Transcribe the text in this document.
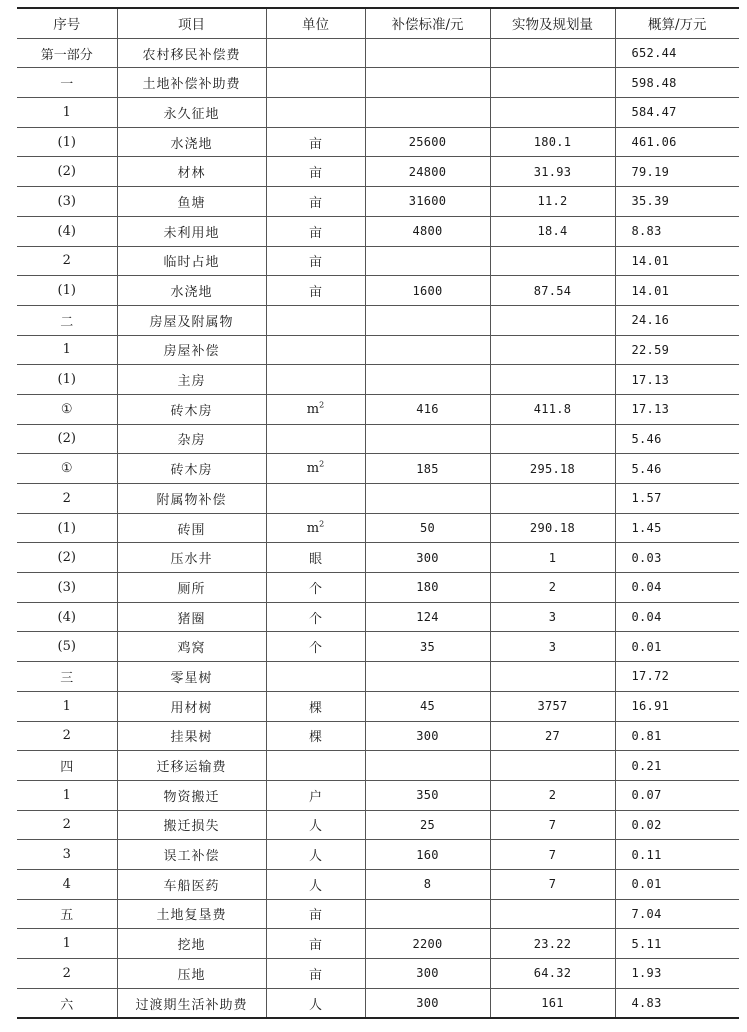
序号	项目	单位	补偿标准/元	实物及规划量	概算/万元
第一部分	农村移民补偿费				652.44
一	土地补偿补助费				598.48
1	永久征地				584.47
(1)	水浇地	亩	25600	180.1	461.06
(2)	材林	亩	24800	31.93	79.19
(3)	鱼塘	亩	31600	11.2	35.39
(4)	未利用地	亩	4800	18.4	8.83
2	临时占地	亩			14.01
(1)	水浇地	亩	1600	87.54	14.01
二	房屋及附属物				24.16
1	房屋补偿				22.59
(1)	主房				17.13
①	砖木房	$m^2$	416	411.8	17.13
(2)	杂房				5.46
①	砖木房	$m^2$	185	295.18	5.46
2	附属物补偿				1.57
(1)	砖围	$m^2$	50	290.18	1.45
(2)	压水井	眼	300	1	0.03
(3)	厕所	个	180	2	0.04
(4)	猪圈	个	124	3	0.04
(5)	鸡窝	个	35	3	0.01
三	零星树				17.72
1	用材树	棵	45	3757	16.91
2	挂果树	棵	300	27	0.81
四	迁移运输费				0.21
1	物资搬迁	户	350	2	0.07
2	搬迁损失	人	25	7	0.02
3	误工补偿	人	160	7	0.11
4	车船医药	人	8	7	0.01
五	土地复垦费	亩			7.04
1	挖地	亩	2200	23.22	5.11
2	压地	亩	300	64.32	1.93
六	过渡期生活补助费	人	300	161	4.83
